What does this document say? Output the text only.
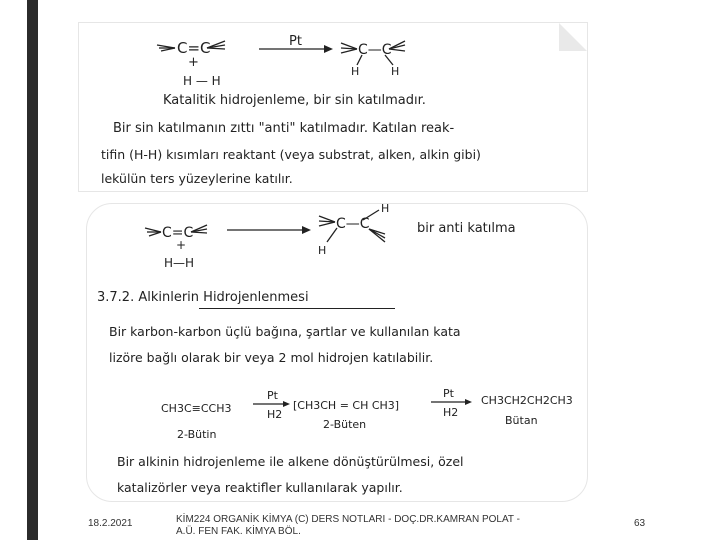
C=C
+
H — H
Pt
C—C
H	H
Katalitik hidrojenleme, bir sin katılmadır.
Bir sin katılmanın zıttı "anti" katılmadır. Katılan reak-
tifin (H-H) kısımları reaktant (veya substrat, alken, alkin gibi)
lekülün ters yüzeylerine katılır.
C=C
+
H—H
C—C
H
H
bir anti katılma
3.7.2. Alkinlerin Hidrojenlenmesi
Bir karbon-karbon üçlü bağına, şartlar ve kullanılan kata
lizöre bağlı olarak bir veya 2 mol hidrojen katılabilir.
CH3C≡CCH3
Pt
H2
[CH3CH = CH CH3]
Pt
H2
CH3CH2CH2CH3
2-Bütin
2-Büten	Bütan
Bir alkinin hidrojenleme ile alkene dönüştürülmesi, özel
katalizörler veya reaktifler kullanılarak yapılır.
18.2.2021	KİM224 ORGANİK KİMYA (C) DERS NOTLARI - DOÇ.DR.KAMRAN POLAT -
A.Ü. FEN FAK. KİMYA BÖL.
63
